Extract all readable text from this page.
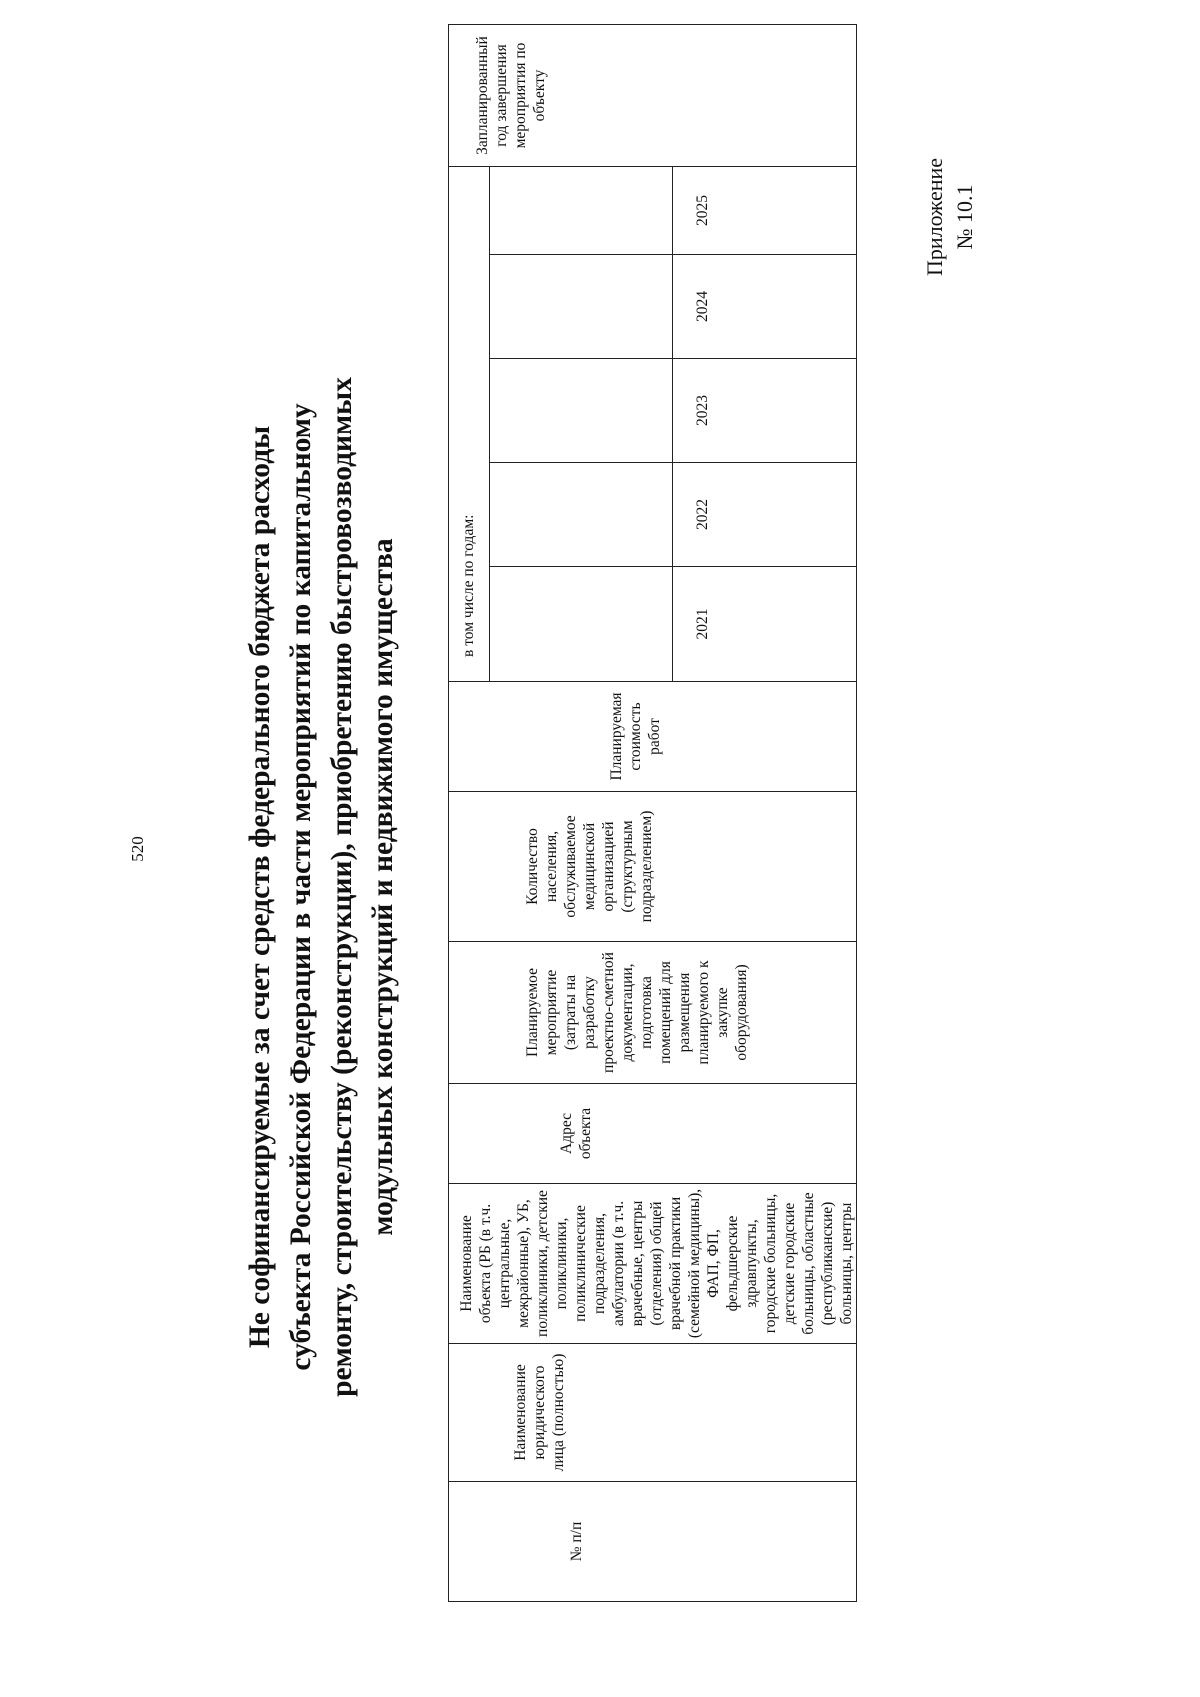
520
Приложение № 10.1
Не софинансируемые за счет средств федерального бюджета расходы субъекта Российской Федерации в части мероприятий по капитальному ремонту, строительству (реконструкции), приобретению быстровозводимых модульных конструкций и недвижимого имущества
№ п/п	Наименование юридического лица (полностью)	Наименование объекта (РБ (в т.ч. центральные, межрайонные), УБ, поликлиники, детские поликлиники, поликлинические подразделения, амбулатории (в т.ч. врачебные, центры (отделения) общей врачебной практики (семейной медицины), ФАП, ФП, фельдшерские здравпункты, городские больницы, детские городские больницы, областные (республиканские) больницы, центры	Адрес объекта	Планируемое мероприятие (затраты на разработку проектно-сметной документации, подготовка помещений для размещения планируемого к закупке оборудования)	Количество населения, обслуживаемое медицинской организацией (структурным подразделением)	Планируемая стоимость работ	в том числе по годам:					Запланированный год завершения мероприятия по объекту

							2021	2022	2023	2024	2025	
